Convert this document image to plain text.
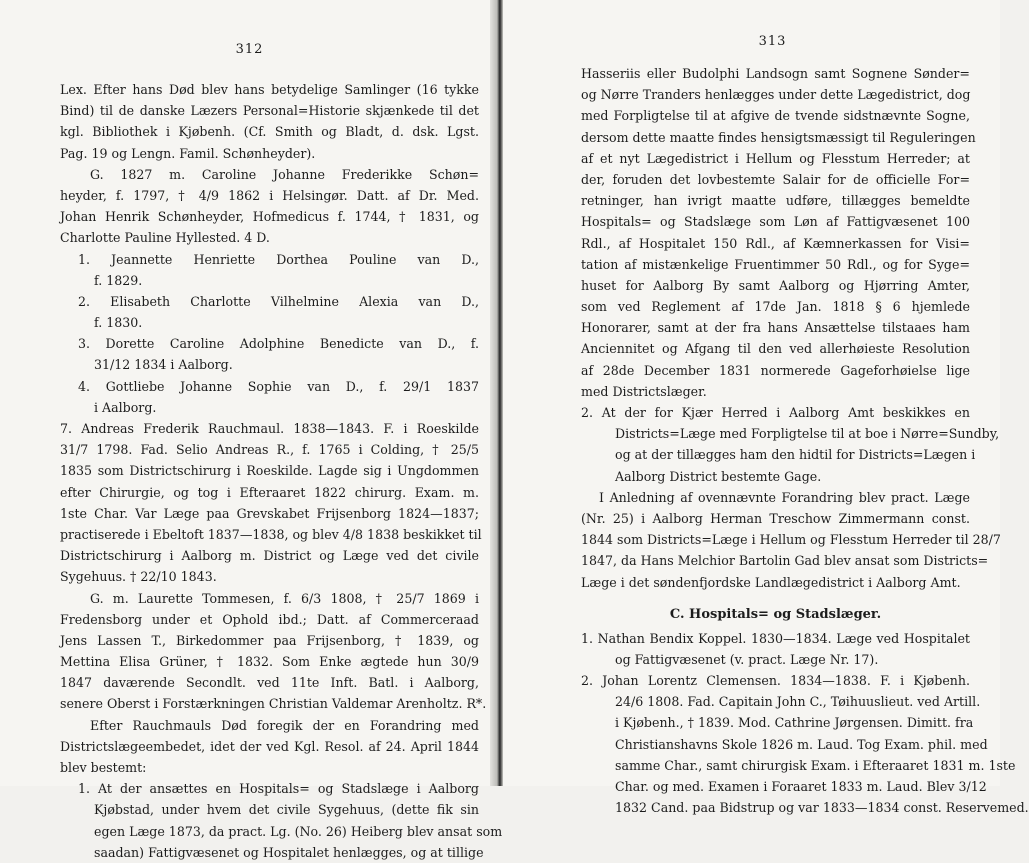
312
Lex. Efter hans Død blev hans betydelige Samlinger (16 tykke
Bind) til de danske Læzers Personal=Historie skjænkede til det
kgl. Bibliothek i Kjøbenh. (Cf. Smith og Bladt, d. dsk. Lgst.
Pag. 19 og Lengn. Famil. Schønheyder).
G. 1827 m. Caroline Johanne Frederikke Schøn=
heyder, f. 1797, † 4/9 1862 i Helsingør. Datt. af Dr. Med.
Johan Henrik Schønheyder, Hofmedicus f. 1744, † 1831, og
Charlotte Pauline Hyllested. 4 D.
1. Jeannette Henriette Dorthea Pouline van D.,
f. 1829.
2. Elisabeth Charlotte Vilhelmine Alexia van D.,
f. 1830.
3. Dorette Caroline Adolphine Benedicte van D., f.
31/12 1834 i Aalborg.
4. Gottliebe Johanne Sophie van D., f. 29/1 1837
i Aalborg.
7. Andreas Frederik Rauchmaul. 1838—1843. F. i Roeskilde
31/7 1798. Fad. Selio Andreas R., f. 1765 i Colding, † 25/5
1835 som Districtschirurg i Roeskilde. Lagde sig i Ungdommen
efter Chirurgie, og tog i Efteraaret 1822 chirurg. Exam. m.
1ste Char. Var Læge paa Grevskabet Frijsenborg 1824—1837;
practiserede i Ebeltoft 1837—1838, og blev 4/8 1838 beskikket til
Districtschirurg i Aalborg m. District og Læge ved det civile
Sygehuus. † 22/10 1843.
G. m. Laurette Tommesen, f. 6/3 1808, † 25/7 1869 i
Fredensborg under et Ophold ibd.; Datt. af Commerceraad
Jens Lassen T., Birkedommer paa Frijsenborg, † 1839, og
Mettina Elisa Grüner, † 1832. Som Enke ægtede hun 30/9
1847 daværende Secondlt. ved 11te Inft. Batl. i Aalborg,
senere Oberst i Forstærkningen Christian Valdemar Arenholtz. R*.
Efter Rauchmauls Død foregik der en Forandring med
Districtslægeembedet, idet der ved Kgl. Resol. af 24. April 1844
blev bestemt:
1. At der ansættes en Hospitals= og Stadslæge i Aalborg
Kjøbstad, under hvem det civile Sygehuus, (dette fik sin
egen Læge 1873, da pract. Lg. (No. 26) Heiberg blev ansat som
saadan) Fattigvæsenet og Hospitalet henlægges, og at tillige
313
Hasseriis eller Budolphi Landsogn samt Sognene Sønder=
og Nørre Tranders henlægges under dette Lægedistrict, dog
med Forpligtelse til at afgive de tvende sidstnævnte Sogne,
dersom dette maatte findes hensigtsmæssigt til Reguleringen
af et nyt Lægedistrict i Hellum og Flesstum Herreder; at
der, foruden det lovbestemte Salair for de officielle For=
retninger, han ivrigt maatte udføre, tillægges bemeldte
Hospitals= og Stadslæge som Løn af Fattigvæsenet 100
Rdl., af Hospitalet 150 Rdl., af Kæmnerkassen for Visi=
tation af mistænkelige Fruentimmer 50 Rdl., og for Syge=
huset for Aalborg By samt Aalborg og Hjørring Amter,
som ved Reglement af 17de Jan. 1818 § 6 hjemlede
Honorarer, samt at der fra hans Ansættelse tilstaaes ham
Anciennitet og Afgang til den ved allerhøieste Resolution
af 28de December 1831 normerede Gageforhøielse lige
med Districtslæger.
2. At der for Kjær Herred i Aalborg Amt beskikkes en
Districts=Læge med Forpligtelse til at boe i Nørre=Sundby,
og at der tillægges ham den hidtil for Districts=Lægen i
Aalborg District bestemte Gage.
I Anledning af ovennævnte Forandring blev pract. Læge
(Nr. 25) i Aalborg Herman Treschow Zimmermann const.
1844 som Districts=Læge i Hellum og Flesstum Herreder til 28/7
1847, da Hans Melchior Bartolin Gad blev ansat som Districts=
Læge i det søndenfjordske Landlægedistrict i Aalborg Amt.
C. Hospitals= og Stadslæger.
1. Nathan Bendix Koppel. 1830—1834. Læge ved Hospitalet
og Fattigvæsenet (v. pract. Læge Nr. 17).
2. Johan Lorentz Clemensen. 1834—1838. F. i Kjøbenh.
24/6 1808. Fad. Capitain John C., Tøihuuslieut. ved Artill.
i Kjøbenh., † 1839. Mod. Cathrine Jørgensen. Dimitt. fra
Christianshavns Skole 1826 m. Laud. Tog Exam. phil. med
samme Char., samt chirurgisk Exam. i Efteraaret 1831 m. 1ste
Char. og med. Examen i Foraaret 1833 m. Laud. Blev 3/12
1832 Cand. paa Bidstrup og var 1833—1834 const. Reservemed.
